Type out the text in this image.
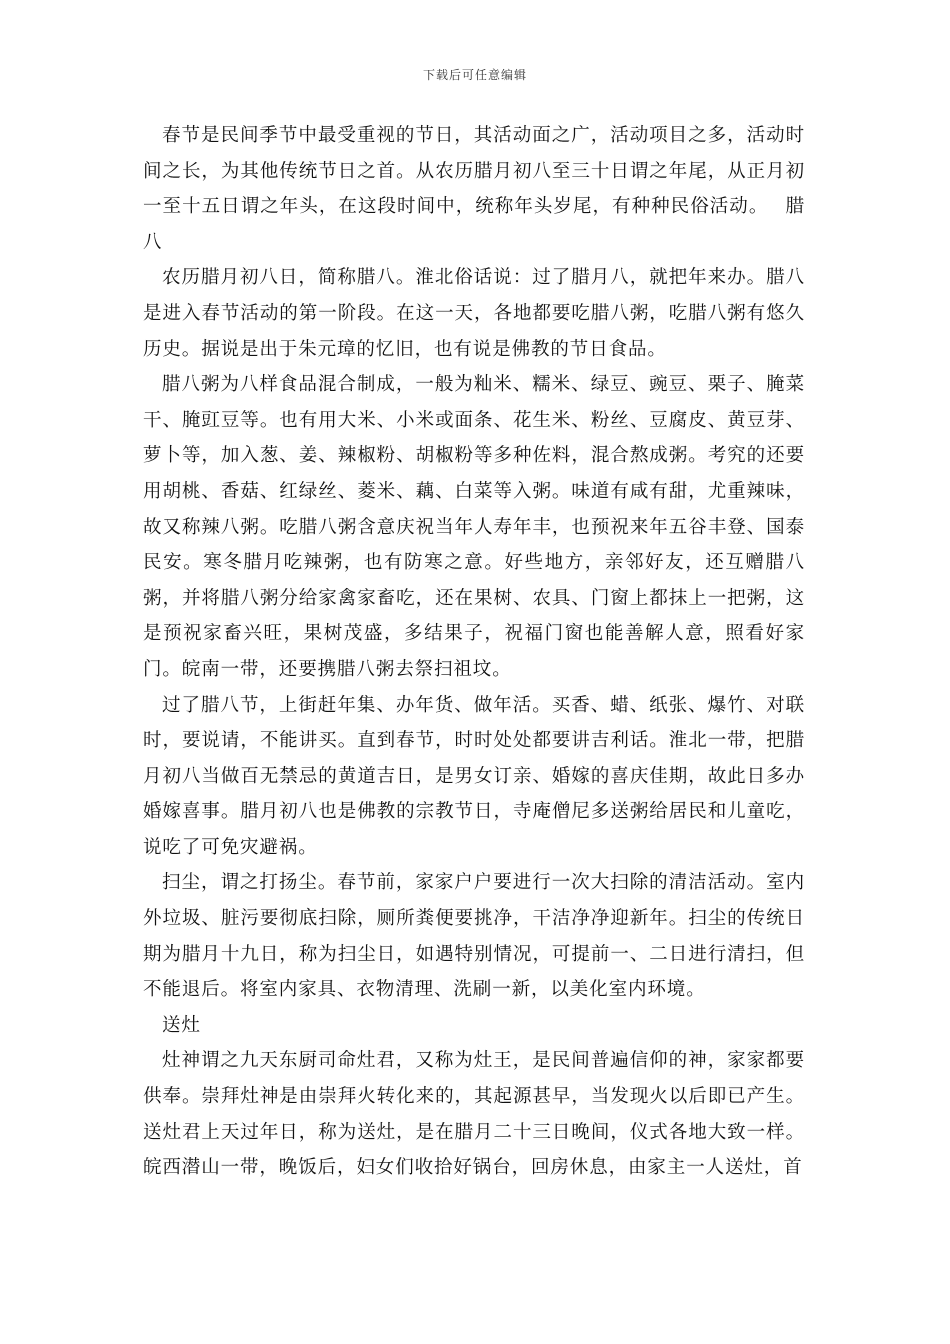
下载后可任意编辑

春节是民间季节中最受重视的节日，其活动面之广，活动项目之多，活动时间之长，为其他传统节日之首。从农历腊月初八至三十日谓之年尾，从正月初一至十五日谓之年头，在这段时间中，统称年头岁尾，有种种民俗活动。　 腊八

农历腊月初八日，简称腊八。淮北俗话说：过了腊月八，就把年来办。腊八是进入春节活动的第一阶段。在这一天，各地都要吃腊八粥，吃腊八粥有悠久历史。据说是出于朱元璋的忆旧，也有说是佛教的节日食品。

腊八粥为八样食品混合制成，一般为籼米、糯米、绿豆、豌豆、栗子、腌菜干、腌豇豆等。也有用大米、小米或面条、花生米、粉丝、豆腐皮、黄豆芽、萝卜等，加入葱、姜、辣椒粉、胡椒粉等多种佐料，混合熬成粥。考究的还要用胡桃、香菇、红绿丝、菱米、藕、白菜等入粥。味道有咸有甜，尤重辣味，故又称辣八粥。吃腊八粥含意庆祝当年人寿年丰，也预祝来年五谷丰登、国泰民安。寒冬腊月吃辣粥，也有防寒之意。好些地方，亲邻好友，还互赠腊八粥，并将腊八粥分给家禽家畜吃，还在果树、农具、门窗上都抹上一把粥，这是预祝家畜兴旺，果树茂盛，多结果子，祝福门窗也能善解人意，照看好家门。皖南一带，还要携腊八粥去祭扫祖坟。

过了腊八节，上街赶年集、办年货、做年活。买香、蜡、纸张、爆竹、对联时，要说请，不能讲买。直到春节，时时处处都要讲吉利话。淮北一带，把腊月初八当做百无禁忌的黄道吉日，是男女订亲、婚嫁的喜庆佳期，故此日多办婚嫁喜事。腊月初八也是佛教的宗教节日，寺庵僧尼多送粥给居民和儿童吃，说吃了可免灾避祸。

扫尘，谓之打扬尘。春节前，家家户户要进行一次大扫除的清洁活动。室内外垃圾、脏污要彻底扫除，厕所粪便要挑净，干洁净净迎新年。扫尘的传统日期为腊月十九日，称为扫尘日，如遇特别情况，可提前一、二日进行清扫，但不能退后。将室内家具、衣物清理、洗刷一新，以美化室内环境。

送灶

灶神谓之九天东厨司命灶君，又称为灶王，是民间普遍信仰的神，家家都要供奉。崇拜灶神是由崇拜火转化来的，其起源甚早，当发现火以后即已产生。送灶君上天过年日，称为送灶，是在腊月二十三日晚间，仪式各地大致一样。皖西潜山一带，晚饭后，妇女们收拾好锅台，回房休息，由家主一人送灶，首
